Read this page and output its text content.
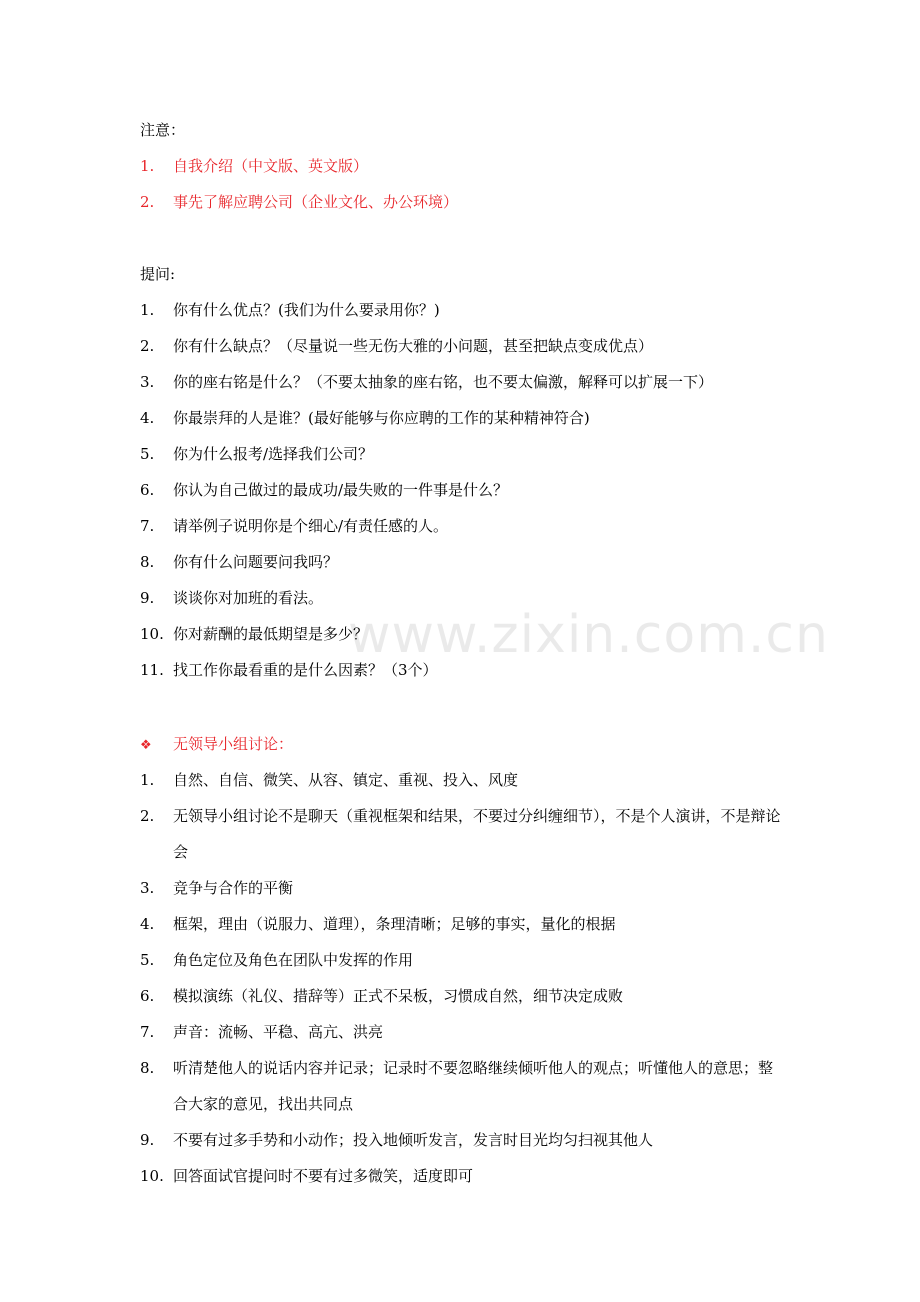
注意：
1. 自我介绍（中文版、英文版）
2. 事先了解应聘公司（企业文化、办公环境）
提问:
1. 你有什么优点？(我们为什么要录用你？)
2. 你有什么缺点？（尽量说一些无伤大雅的小问题，甚至把缺点变成优点）
3. 你的座右铭是什么？（不要太抽象的座右铭，也不要太偏激，解释可以扩展一下）
4. 你最崇拜的人是谁？(最好能够与你应聘的工作的某种精神符合)
5. 你为什么报考/选择我们公司？
6. 你认为自己做过的最成功/最失败的一件事是什么？
7. 请举例子说明你是个细心/有责任感的人。
8. 你有什么问题要问我吗？
9. 谈谈你对加班的看法。
10. 你对薪酬的最低期望是多少？
11. 找工作你最看重的是什么因素？（3个）
❖ 无领导小组讨论：
1. 自然、自信、微笑、从容、镇定、重视、投入、风度
2. 无领导小组讨论不是聊天（重视框架和结果，不要过分纠缠细节），不是个人演讲，不是辩论会
3. 竞争与合作的平衡
4. 框架，理由（说服力、道理），条理清晰；足够的事实，量化的根据
5. 角色定位及角色在团队中发挥的作用
6. 模拟演练（礼仪、措辞等）正式不呆板，习惯成自然，细节决定成败
7. 声音：流畅、平稳、高亢、洪亮
8. 听清楚他人的说话内容并记录；记录时不要忽略继续倾听他人的观点；听懂他人的意思；整合大家的意见，找出共同点
9. 不要有过多手势和小动作；投入地倾听发言，发言时目光均匀扫视其他人
10. 回答面试官提问时不要有过多微笑，适度即可
www.zixin.com.cn
